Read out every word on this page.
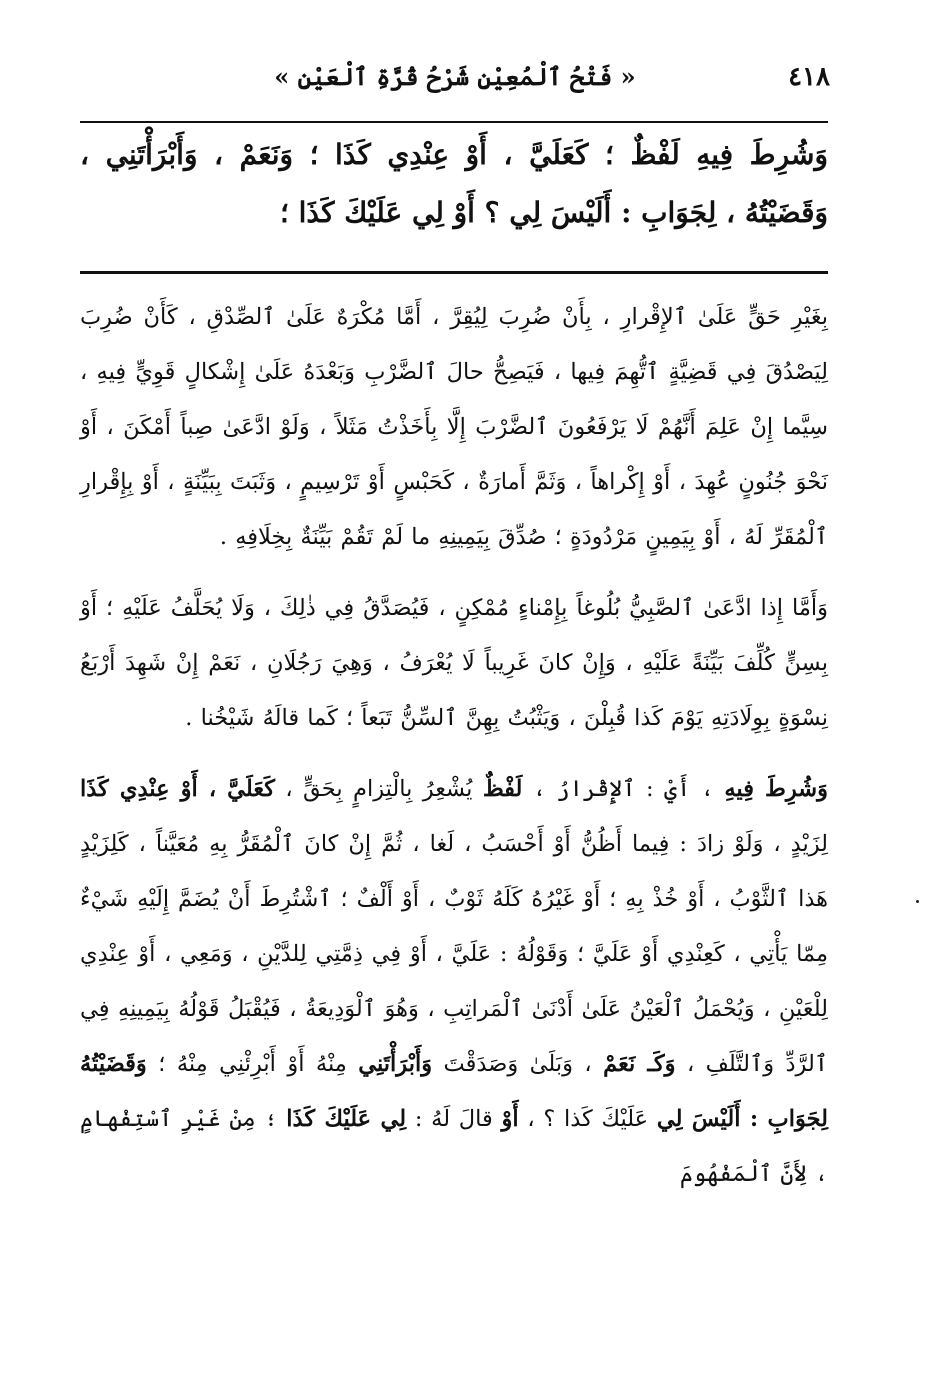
٤١٨
« فَتْحُ ٱلْمُعِيْنِ شَرْحُ قُرَّةِ ٱلْعَيْنِ »
وَشُرِطَ فِيهِ لَفْظٌ ؛ كَعَلَيَّ ، أَوْ عِنْدِي كَذَا ؛ وَنَعَمْ ، وَأَبْرَأْتَنِي ، وَقَضَيْتُهُ ، لِجَوَابِ : أَلَيْسَ لِي ؟ أَوْ لِي عَلَيْكَ كَذَا ؛

بِغَيْرِ حَقٍّ عَلَىٰ ٱلإِقْرارِ ، بِأَنْ ضُرِبَ لِيُقِرَّ ، أَمَّا مُكْرَهٌ عَلَىٰ ٱلصِّدْقِ ، كَأَنْ ضُرِبَ لِيَصْدُقَ فِي قَضِيَّةٍ ٱتُّهِمَ فِيها ، فَيَصِحُّ حالَ ٱلضَّرْبِ وَبَعْدَهُ عَلَىٰ إِشْكالٍ قَوِيٍّ فِيهِ ، سِيَّما إِنْ عَلِمَ أَنَّهُمْ لَا يَرْفَعُونَ ٱلضَّرْبَ إِلَّا بِأَخَذْتُ مَثَلاً ، وَلَوْ ادَّعَىٰ صِباً أَمْكَنَ ، أَوْ نَحْوَ جُنُونٍ عُهِدَ ، أَوْ إِكْراهاً ، وَثَمَّ أَمارَةٌ ، كَحَبْسٍ أَوْ تَرْسِيمٍ ، وَثَبَتَ بِبَيِّنَةٍ ، أَوْ بِإِقْرارِ ٱلْمُقَرِّ لَهُ ، أَوْ بِيَمِينٍ مَرْدُودَةٍ ؛ صُدِّقَ بِيَمِينِهِ ما لَمْ تَقُمْ بَيِّنَةٌ بِخِلَافِهِ .

وَأَمَّا إِذا ادَّعَىٰ ٱلصَّبِيُّ بُلُوغاً بِإِمْناءٍ مُمْكِنٍ ، فَيُصَدَّقُ فِي ذٰلِكَ ، وَلَا يُحَلَّفُ عَلَيْهِ ؛ أَوْ بِسِنٍّ كُلِّفَ بَيِّنَةً عَلَيْهِ ، وَإِنْ كانَ غَرِيباً لَا يُعْرَفُ ، وَهِيَ رَجُلَانِ ، نَعَمْ إِنْ شَهِدَ أَرْبَعُ نِسْوَةٍ بِوِلَادَتِهِ يَوْمَ كَذا قُبِلْنَ ، وَيَثْبُتُ بِهِنَّ ٱلسِّنُّ تَبَعاً ؛ كَما قالَهُ شَيْخُنا .

وَشُرِطَ فِيهِ ، أَيْ : ٱلإِقْرارُ ، لَفْظٌ يُشْعِرُ بِالْتِزامٍ بِحَقٍّ ، كَعَلَيَّ ، أَوْ عِنْدِي كَذَا لِزَيْدٍ ، وَلَوْ زادَ : فِيما أَظُنُّ أَوْ أَحْسَبُ ، لَغا ، ثُمَّ إِنْ كانَ ٱلْمُقَرُّ بِهِ مُعَيَّناً ، كَلِزَيْدٍ هَذا ٱلثَّوْبُ ، أَوْ خُذْ بِهِ ؛ أَوْ غَيْرُهُ كَلَهُ ثَوْبٌ ، أَوْ أَلْفٌ ؛ ٱشْتُرِطَ أَنْ يُضَمَّ إِلَيْهِ شَيْءٌ مِمّا يَأْتِي ، كَعِنْدِي أَوْ عَلَيَّ ؛ وَقَوْلُهُ : عَلَيَّ ، أَوْ فِي ذِمَّتِي لِلدَّيْنِ ، وَمَعِي ، أَوْ عِنْدِي لِلْعَيْنِ ، وَيُحْمَلُ ٱلْعَيْنُ عَلَىٰ أَدْنَىٰ ٱلْمَراتِبِ ، وَهُوَ ٱلْوَدِيعَةُ ، فَيُقْبَلُ قَوْلُهُ بِيَمِينِهِ فِي ٱلرَّدِّ وَٱلتَّلَفِ ، وَكَـ نَعَمْ ، وَبَلَىٰ وَصَدَقْتَ وَأَبْرَأْتَنِي مِنْهُ أَوْ أَبْرِئْنِي مِنْهُ ؛ وَقَضَيْتُهُ لِجَوَابِ : أَلَيْسَ لِي عَلَيْكَ كَذا ؟ ، أَوْ قالَ لَهُ : لِي عَلَيْكَ كَذَا ؛ مِنْ غَيْرِ ٱسْتِفْهامٍ ، لِأَنَّ ٱلْمَفْهُومَ
